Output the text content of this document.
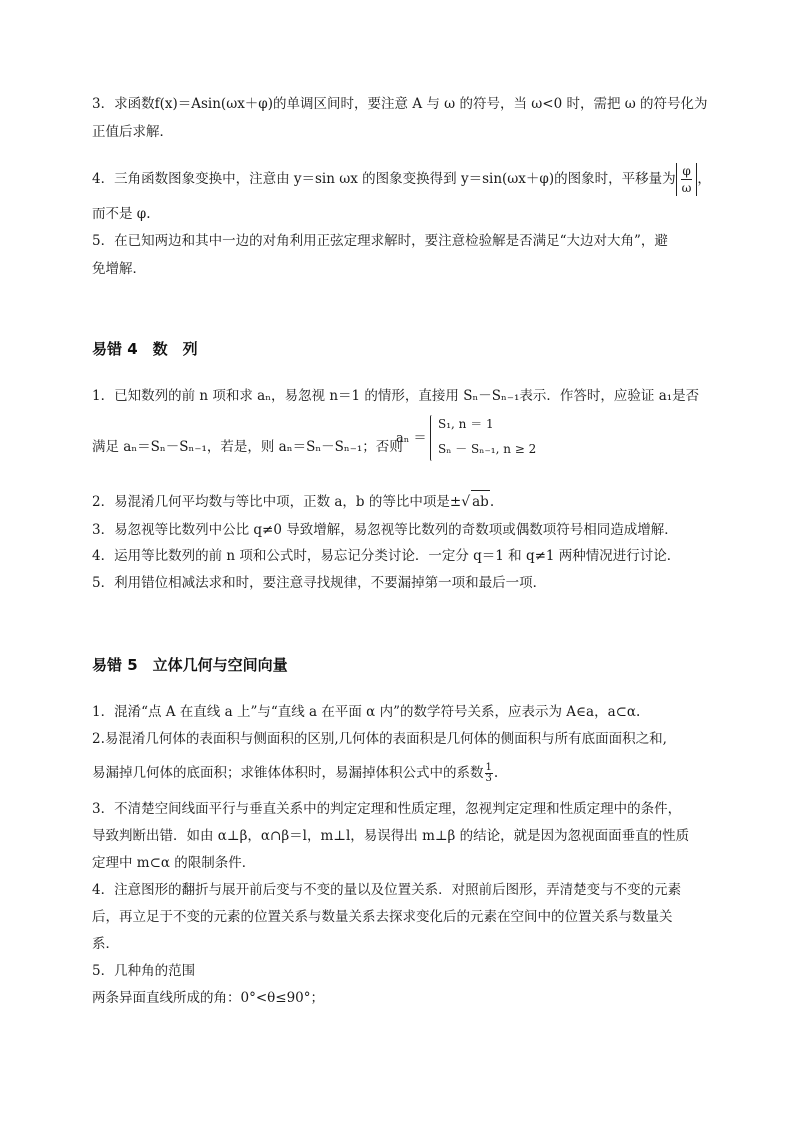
3．求函数f(x)＝Asin(ωx＋φ)的单调区间时，要注意 A 与 ω 的符号，当 ω<0 时，需把 ω 的符号化为
正值后求解．
4．三角函数图象变换中，注意由 y＝sin ωx 的图象变换得到 y＝sin(ωx＋φ)的图象时，平移量为 $\frac{\varphi}{\omega}$ ，
而不是 φ.
5．在已知两边和其中一边的对角利用正弦定理求解时，要注意检验解是否满足“大边对大角”，避
免增解．
易错 4　数　列
1．已知数列的前 n 项和求 aₙ，易忽视 n＝1 的情形，直接用 Sₙ－Sₙ₋₁表示．作答时，应验证 a₁是否
满足 aₙ＝Sₙ－Sₙ₋₁，若是，则 aₙ＝Sₙ－Sₙ₋₁；否则
aₙ ＝
S₁, n ＝ 1
Sₙ － Sₙ₋₁, n ≥ 2
2．易混淆几何平均数与等比中项，正数 a，b 的等比中项是±√ ab.
3．易忽视等比数列中公比 q≠0 导致增解，易忽视等比数列的奇数项或偶数项符号相同造成增解．
4．运用等比数列的前 n 项和公式时，易忘记分类讨论．一定分 q＝1 和 q≠1 两种情况进行讨论．
5．利用错位相减法求和时，要注意寻找规律，不要漏掉第一项和最后一项．
易错 5　立体几何与空间向量
1．混淆“点 A 在直线 a 上”与“直线 a 在平面 α 内”的数学符号关系，应表示为 A∈a，a⊂α.
2.易混淆几何体的表面积与侧面积的区别,几何体的表面积是几何体的侧面积与所有底面面积之和,
易漏掉几何体的底面积；求锥体体积时，易漏掉体积公式中的系数 $\frac{1}{3}$ .
3．不清楚空间线面平行与垂直关系中的判定定理和性质定理，忽视判定定理和性质定理中的条件，
导致判断出错．如由 α⊥β，α∩β＝l，m⊥l，易误得出 m⊥β 的结论，就是因为忽视面面垂直的性质
定理中 m⊂α 的限制条件．
4．注意图形的翻折与展开前后变与不变的量以及位置关系．对照前后图形，弄清楚变与不变的元素
后，再立足于不变的元素的位置关系与数量关系去探求变化后的元素在空间中的位置关系与数量关
系．
5．几种角的范围
两条异面直线所成的角：0°<θ≤90°；
